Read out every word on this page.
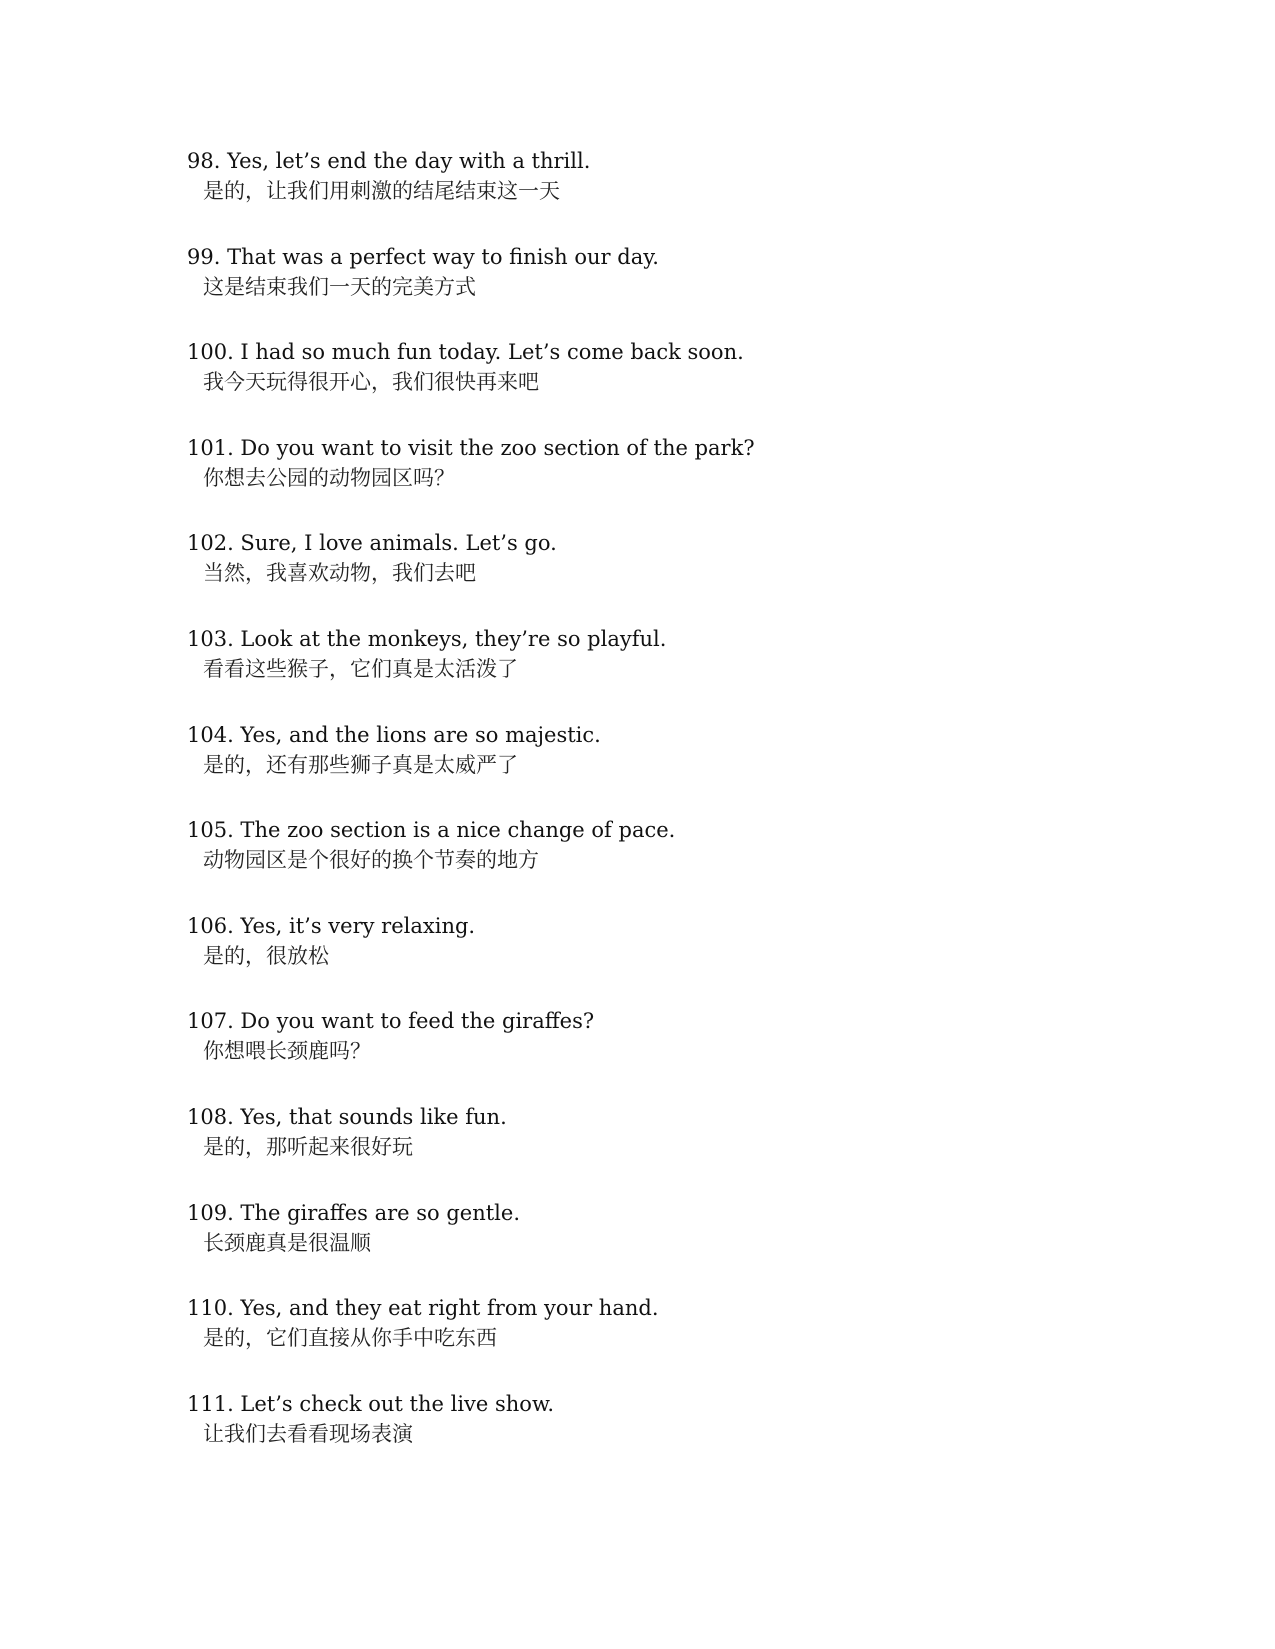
98. Yes, let’s end the day with a thrill.

是的，让我们用刺激的结尾结束这一天

99. That was a perfect way to finish our day.

这是结束我们一天的完美方式

100. I had so much fun today. Let’s come back soon.

我今天玩得很开心，我们很快再来吧

101. Do you want to visit the zoo section of the park?

你想去公园的动物园区吗？

102. Sure, I love animals. Let’s go.

当然，我喜欢动物，我们去吧

103. Look at the monkeys, they’re so playful.

看看这些猴子，它们真是太活泼了

104. Yes, and the lions are so majestic.

是的，还有那些狮子真是太威严了

105. The zoo section is a nice change of pace.

动物园区是个很好的换个节奏的地方

106. Yes, it’s very relaxing.

是的，很放松

107. Do you want to feed the giraffes?

你想喂长颈鹿吗？

108. Yes, that sounds like fun.

是的，那听起来很好玩

109. The giraffes are so gentle.

长颈鹿真是很温顺

110. Yes, and they eat right from your hand.

是的，它们直接从你手中吃东西

111. Let’s check out the live show.

让我们去看看现场表演
